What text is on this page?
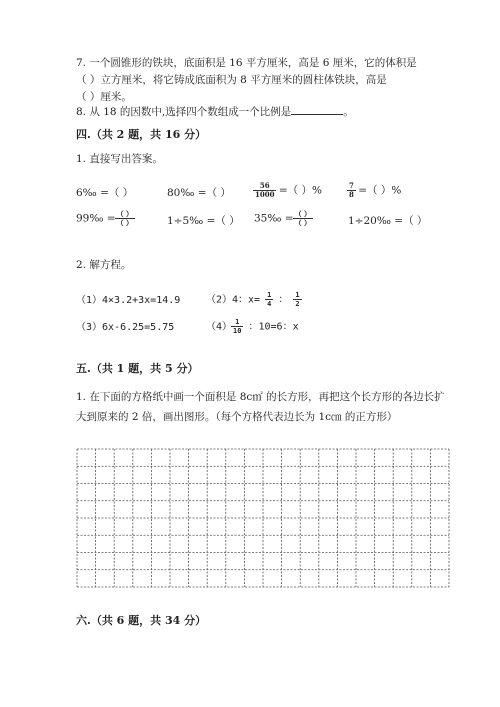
7. 一个圆锥形的铁块，底面积是 16 平方厘米，高是 6 厘米，它的体积是
（ ）立方厘米，将它铸成底面积为 8 平方厘米的圆柱体铁块，高是
（ ）厘米。
8. 从 18 的因数中,选择四个数组成一个比例是	。
四.（共 2 题，共 16 分）
1. 直接写出答案。
6‰ =（ ）	80‰ =（ ）	$\frac{56}{1000}$ =（ ）%	$\frac{7}{8}$ =（ ）%
99‰ = $\frac{( )}{( )}$	1÷5‰ =（ ） 35‰ = $\frac{( )}{( )}$	1÷20‰ =（ ）
2. 解方程。
（1）4×3.2+3x=14.9	（2）4：$x= \frac{1}{4}$ ： $\frac{1}{2}$
（3）6x-6.25=5.75	$(4) \frac{1}{10}$ ：10=6：x
五.（共 1 题，共 5 分）
1. 在下面的方格纸中画一个面积是 8c㎡ 的长方形，再把这个长方形的各边长扩
大到原来的 2 倍，画出图形。（每个方格代表边长为 1c㎝ 的正方形）
六.（共 6 题，共 34 分）
